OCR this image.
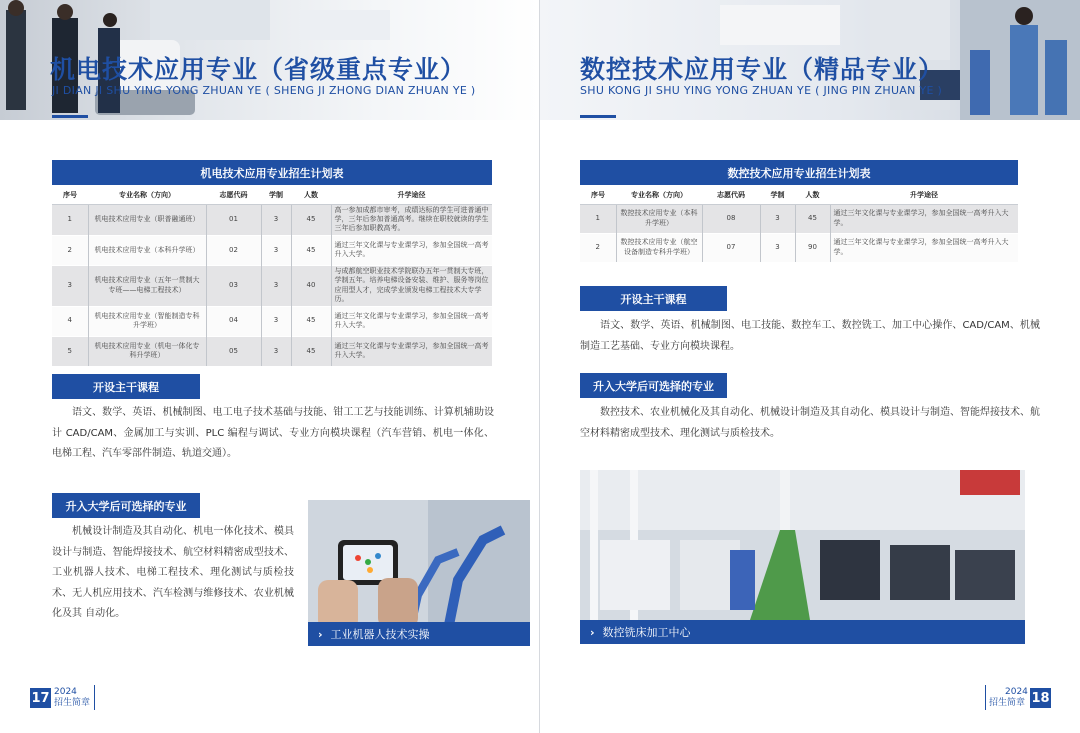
机电技术应用专业（省级重点专业）
JI DIAN JI SHU YING YONG ZHUAN YE ( SHENG JI ZHONG DIAN ZHUAN YE )
机电技术应用专业招生计划表
序号	专业名称（方向）	志愿代码	学制	人数	升学途径
1	机电技术应用专业（职普融通班）	01	3	45	高一参加成都市审考，成绩达标的学生可进普通中学，三年后参加普通高考。继续在职校就读的学生三年后参加职教高考。
2	机电技术应用专业（本科升学班）	02	3	45	通过三年文化课与专业课学习，参加全国统一高考升入大学。
3	机电技术应用专业（五年一贯制大专班——电梯工程技术）	03	3	40	与成都航空职业技术学院联办五年一贯制大专班，学制五年。培养电梯设备安装、维护、服务等岗位应用型人才，完成学业颁发电梯工程技术大专学历。
4	机电技术应用专业（智能制造专科升学班）	04	3	45	通过三年文化课与专业课学习，参加全国统一高考升入大学。
5	机电技术应用专业（机电一体化专科升学班）	05	3	45	通过三年文化课与专业课学习，参加全国统一高考升入大学。
开设主干课程
语文、数学、英语、机械制图、电工电子技术基础与技能、钳工工艺与技能训练、计算机辅助设计 CAD/CAM、金属加工与实训、PLC 编程与调试、专业方向模块课程（汽车营销、机电一体化、电梯工程、汽车零部件制造、轨道交通）。
升入大学后可选择的专业
机械设计制造及其自动化、机电一体化技术、模具设计与制造、智能焊接技术、航空材料精密成型技术、工业机器人技术、电梯工程技术、理化测试与质检技术、无人机应用技术、汽车检测与维修技术、农业机械化及其 自动化。
› 工业机器人技术实操
17 2024
招生简章
数控技术应用专业（精品专业）
SHU KONG JI SHU YING YONG ZHUAN YE ( JING PIN ZHUAN YE )
数控技术应用专业招生计划表
序号	专业名称（方向）	志愿代码	学制	人数	升学途径
1	数控技术应用专业（本科升学班）	08	3	45	通过三年文化课与专业课学习，参加全国统一高考升入大学。
2	数控技术应用专业（航空设备制造专科升学班）	07	3	90	通过三年文化课与专业课学习，参加全国统一高考升入大学。
开设主干课程
语文、数学、英语、机械制图、电工技能、数控车工、数控铣工、加工中心操作、CAD/CAM、机械制造工艺基础、专业方向模块课程。
升入大学后可选择的专业
数控技术、农业机械化及其自动化、机械设计制造及其自动化、模具设计与制造、智能焊接技术、航空材料精密成型技术、理化测试与质检技术。
› 数控铣床加工中心
2024
招生简章 18
